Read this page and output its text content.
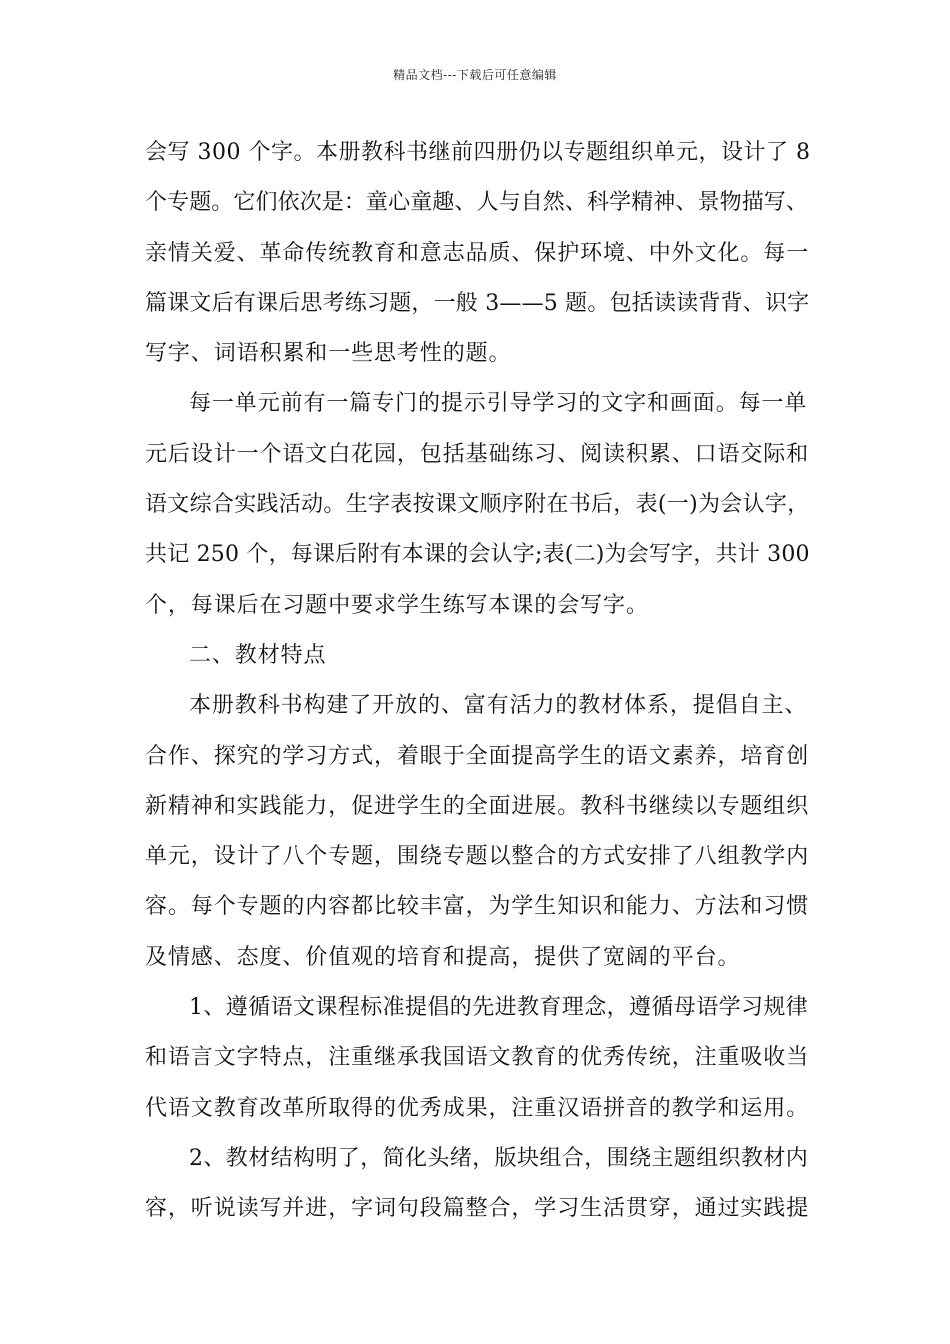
精品文档---下载后可任意编辑
会写 300 个字。本册教科书继前四册仍以专题组织单元，设计了 8
个专题。它们依次是：童心童趣、人与自然、科学精神、景物描写、
亲情关爱、革命传统教育和意志品质、保护环境、中外文化。每一
篇课文后有课后思考练习题，一般 3——5 题。包括读读背背、识字
写字、词语积累和一些思考性的题。
每一单元前有一篇专门的提示引导学习的文字和画面。每一单
元后设计一个语文白花园，包括基础练习、阅读积累、口语交际和
语文综合实践活动。生字表按课文顺序附在书后，表(一)为会认字，
共记 250 个，每课后附有本课的会认字;表(二)为会写字，共计 300
个，每课后在习题中要求学生练写本课的会写字。
二、教材特点
本册教科书构建了开放的、富有活力的教材体系，提倡自主、
合作、探究的学习方式，着眼于全面提高学生的语文素养，培育创
新精神和实践能力，促进学生的全面进展。教科书继续以专题组织
单元，设计了八个专题，围绕专题以整合的方式安排了八组教学内
容。每个专题的内容都比较丰富，为学生知识和能力、方法和习惯
及情感、态度、价值观的培育和提高，提供了宽阔的平台。
1、遵循语文课程标准提倡的先进教育理念，遵循母语学习规律
和语言文字特点，注重继承我国语文教育的优秀传统，注重吸收当
代语文教育改革所取得的优秀成果，注重汉语拼音的教学和运用。
2、教材结构明了，简化头绪，版块组合，围绕主题组织教材内
容，听说读写并进，字词句段篇整合，学习生活贯穿，通过实践提
